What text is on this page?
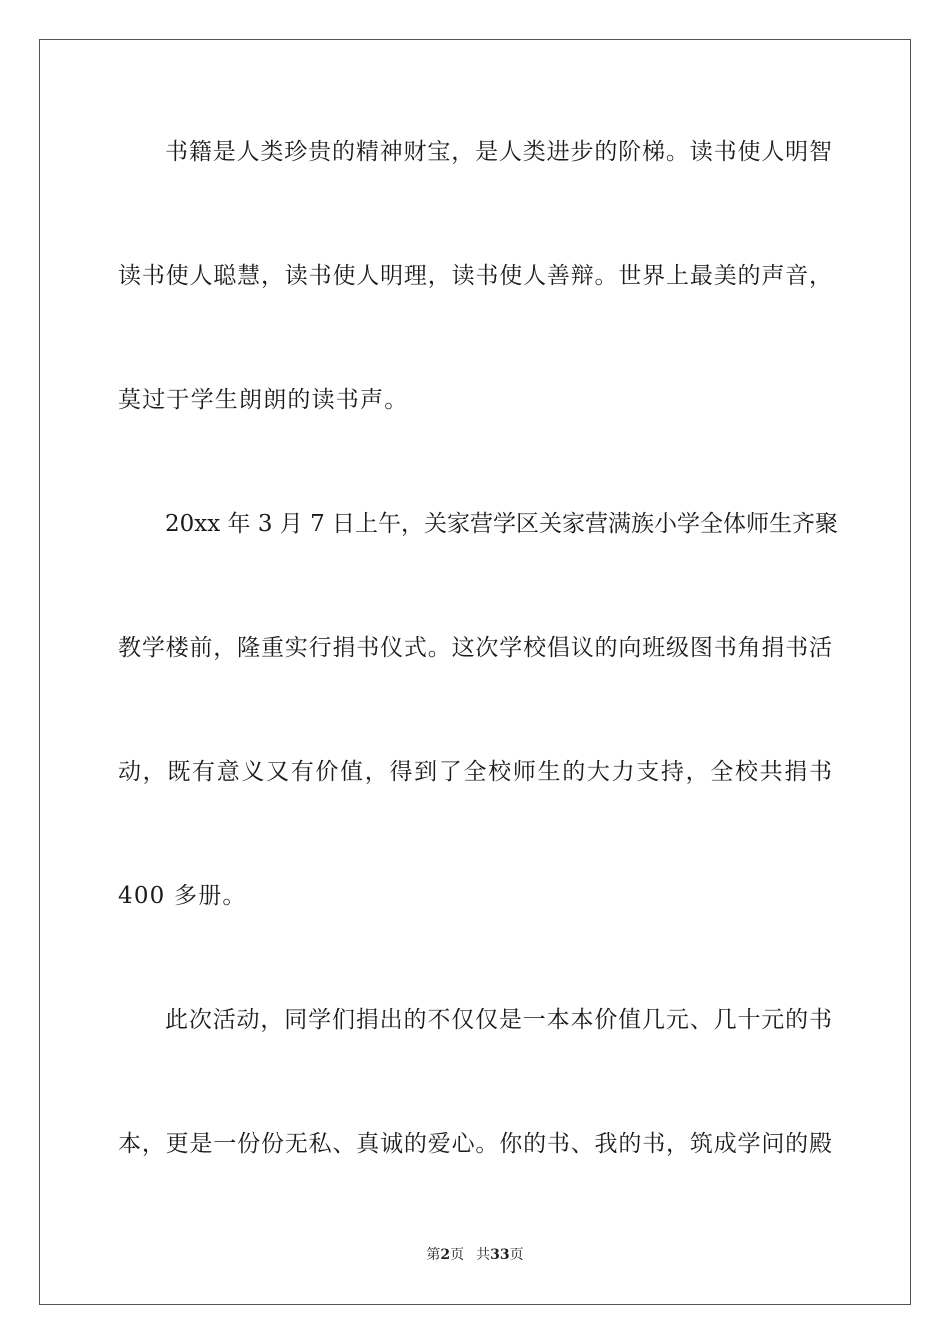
书籍是人类珍贵的精神财宝，是人类进步的阶梯。读书使人明智
读书使人聪慧，读书使人明理，读书使人善辩。世界上最美的声音，
莫过于学生朗朗的读书声。
20xx 年 3 月 7 日上午，关家营学区关家营满族小学全体师生齐聚
教学楼前，隆重实行捐书仪式。这次学校倡议的向班级图书角捐书活
动，既有意义又有价值，得到了全校师生的大力支持，全校共捐书
400 多册。
此次活动，同学们捐出的不仅仅是一本本价值几元、几十元的书
本，更是一份份无私、真诚的爱心。你的书、我的书，筑成学问的殿
第2页 共33页
